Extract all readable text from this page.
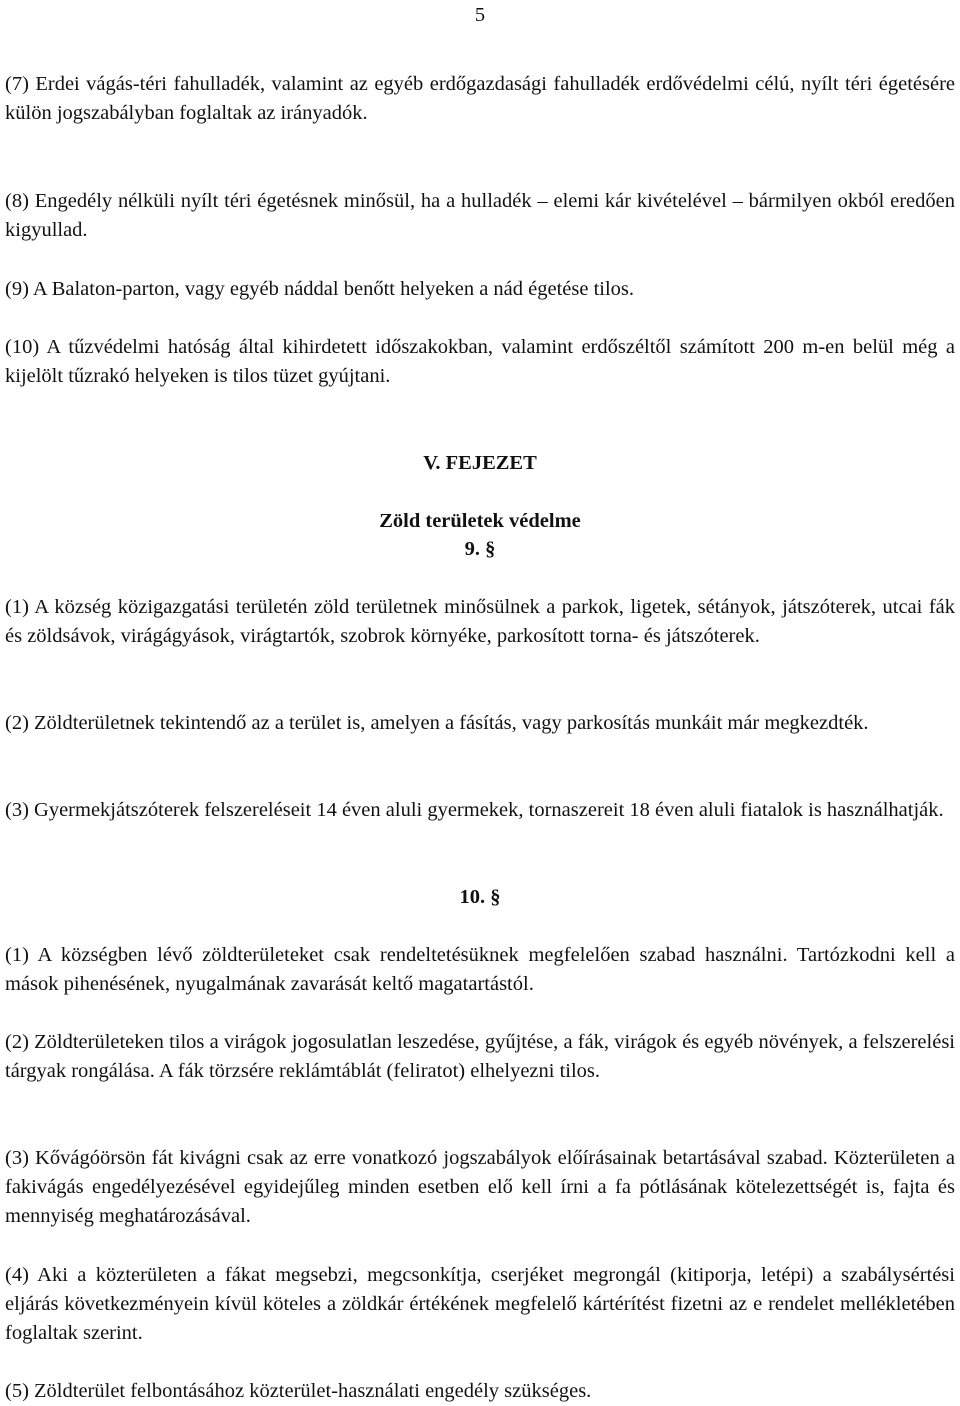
5

(7) Erdei vágás-téri fahulladék, valamint az egyéb erdőgazdasági fahulladék erdővédelmi célú, nyílt téri égetésére külön jogszabályban foglaltak az irányadók.

(8) Engedély nélküli nyílt téri égetésnek minősül, ha a hulladék – elemi kár kivételével – bármilyen okból eredően kigyullad.

(9) A Balaton-parton, vagy egyéb náddal benőtt helyeken a nád égetése tilos.

(10) A tűzvédelmi hatóság által kihirdetett időszakokban, valamint erdőszéltől számított 200 m-en belül még a kijelölt tűzrakó helyeken is tilos tüzet gyújtani.

V. FEJEZET
Zöld területek védelme
9. §

(1) A község közigazgatási területén zöld területnek minősülnek a parkok, ligetek, sétányok, játszóterek, utcai fák és zöldsávok, virágágyások, virágtartók, szobrok környéke, parkosított torna- és játszóterek.

(2) Zöldterületnek tekintendő az a terület is, amelyen a fásítás, vagy parkosítás munkáit már megkezdték.

(3) Gyermekjátszóterek felszereléseit 14 éven aluli gyermekek, tornaszereit 18 éven aluli fiatalok is használhatják.

10. §

(1) A községben lévő zöldterületeket csak rendeltetésüknek megfelelően szabad használni. Tartózkodni kell a mások pihenésének, nyugalmának zavarását keltő magatartástól.

(2) Zöldterületeken tilos a virágok jogosulatlan leszedése, gyűjtése, a fák, virágok és egyéb növények, a felszerelési tárgyak rongálása. A fák törzsére reklámtáblát (feliratot) elhelyezni tilos.

(3) Kővágóörsön fát kivágni csak az erre vonatkozó jogszabályok előírásainak betartásával szabad. Közterületen a fakivágás engedélyezésével egyidejűleg minden esetben elő kell írni a fa pótlásának kötelezettségét is, fajta és mennyiség meghatározásával.

(4) Aki a közterületen a fákat megsebzi, megcsonkítja, cserjéket megrongál (kitiporja, letépi) a szabálysértési eljárás következményein kívül köteles a zöldkár értékének megfelelő kártérítést fizetni az e rendelet mellékletében foglaltak szerint.

(5) Zöldterület felbontásához közterület-használati engedély szükséges.
